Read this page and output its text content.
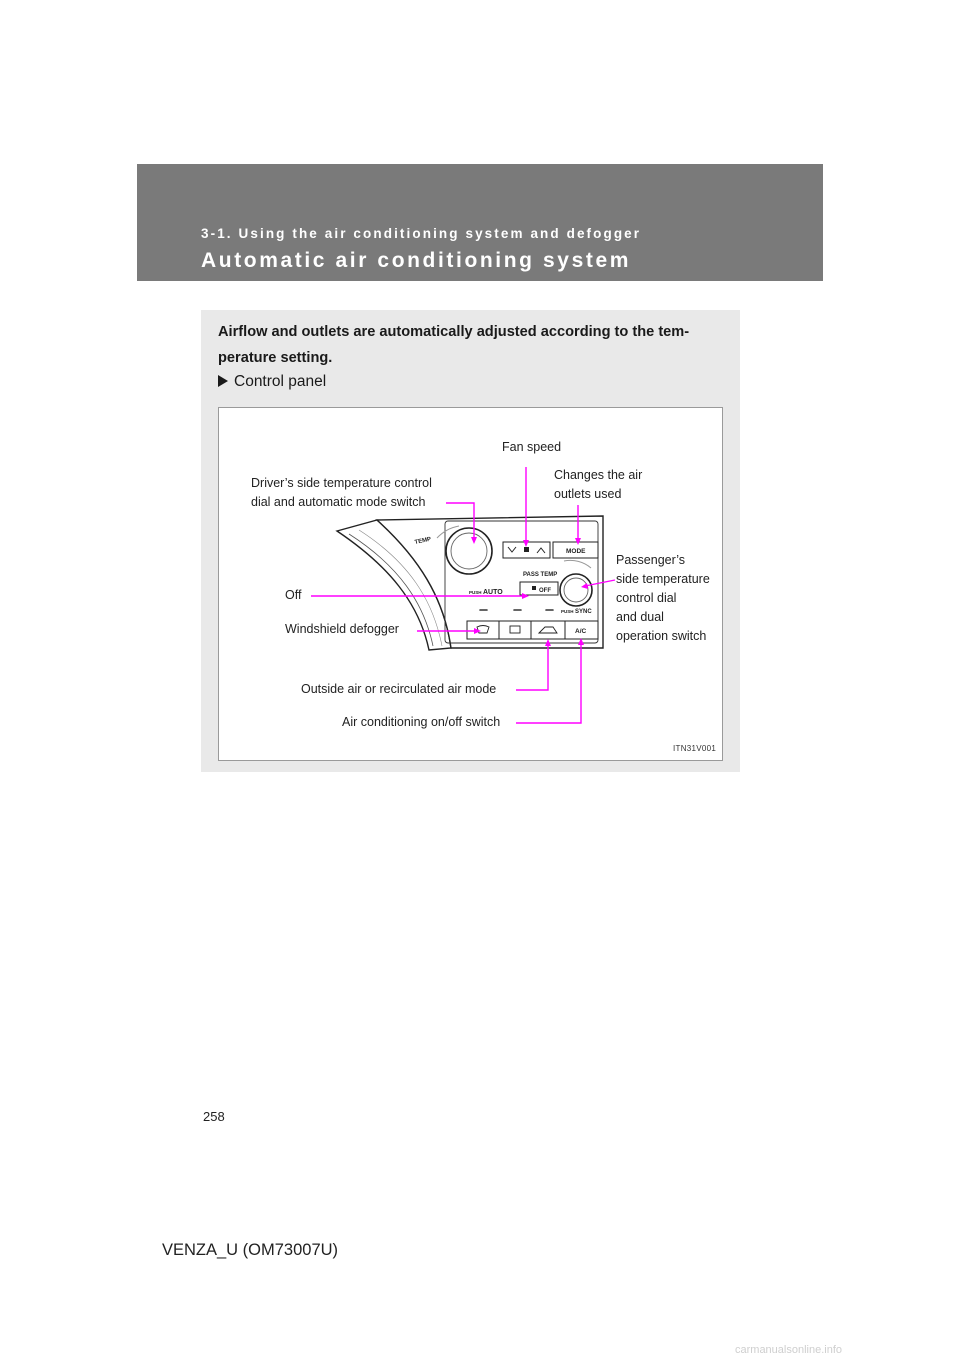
3-1. Using the air conditioning system and defogger
Automatic air conditioning system
Airflow and outlets are automatically adjusted according to the tem- perature setting.
Control panel
TEMP
MODE
PASS TEMP
PUSH AUTO	OFF
PUSH SYNC
A/C
Fan speed
Changes the air
outlets used
Driver’s side temperature control
dial and automatic mode switch
Passenger’s
side temperature
control dial
and dual
operation switch
Off
Windshield defogger
Outside air or recirculated air mode
Air conditioning on/off switch
ITN31V001
258
VENZA_U (OM73007U)
carmanualsonline.info
